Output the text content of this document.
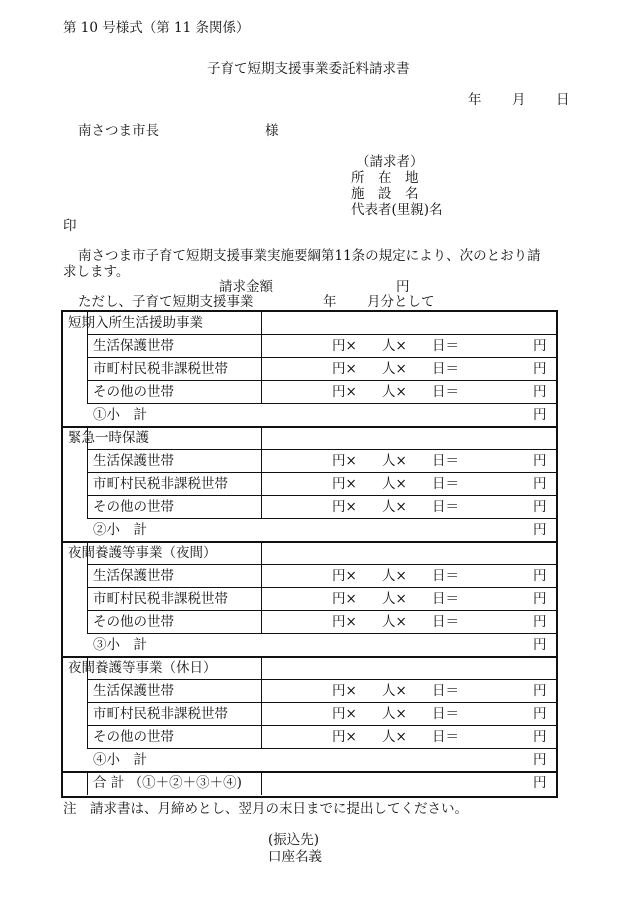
第 10 号様式（第 11 条関係）
子育て短期支援事業委託料請求書
年 月 日
南さつま市長	様
（請求者）
所　在　地
施　設　名
代表者(里親)名
印
南さつま市子育て短期支援事業実施要綱第11条の規定により、次のとおり請
求します。
請求金額	円
ただし、子育て短期支援事業	年 月分として
短期入所生活援助事業
生活保護世帯	円× 人× 日＝	円
市町村民税非課税世帯	円× 人× 日＝	円
その他の世帯	円× 人× 日＝	円
①小　計	円
緊急一時保護
生活保護世帯	円× 人× 日＝	円
市町村民税非課税世帯	円× 人× 日＝	円
その他の世帯	円× 人× 日＝	円
②小　計	円
夜間養護等事業（夜間）
生活保護世帯	円× 人× 日＝	円
市町村民税非課税世帯	円× 人× 日＝	円
その他の世帯	円× 人× 日＝	円
③小　計	円
夜間養護等事業（休日）
生活保護世帯	円× 人× 日＝	円
市町村民税非課税世帯	円× 人× 日＝	円
その他の世帯	円× 人× 日＝	円
④小　計	円
合 計 （①＋②＋③＋④)	円
注　請求書は、月締めとし、翌月の末日までに提出してください。
(振込先)
口座名義
